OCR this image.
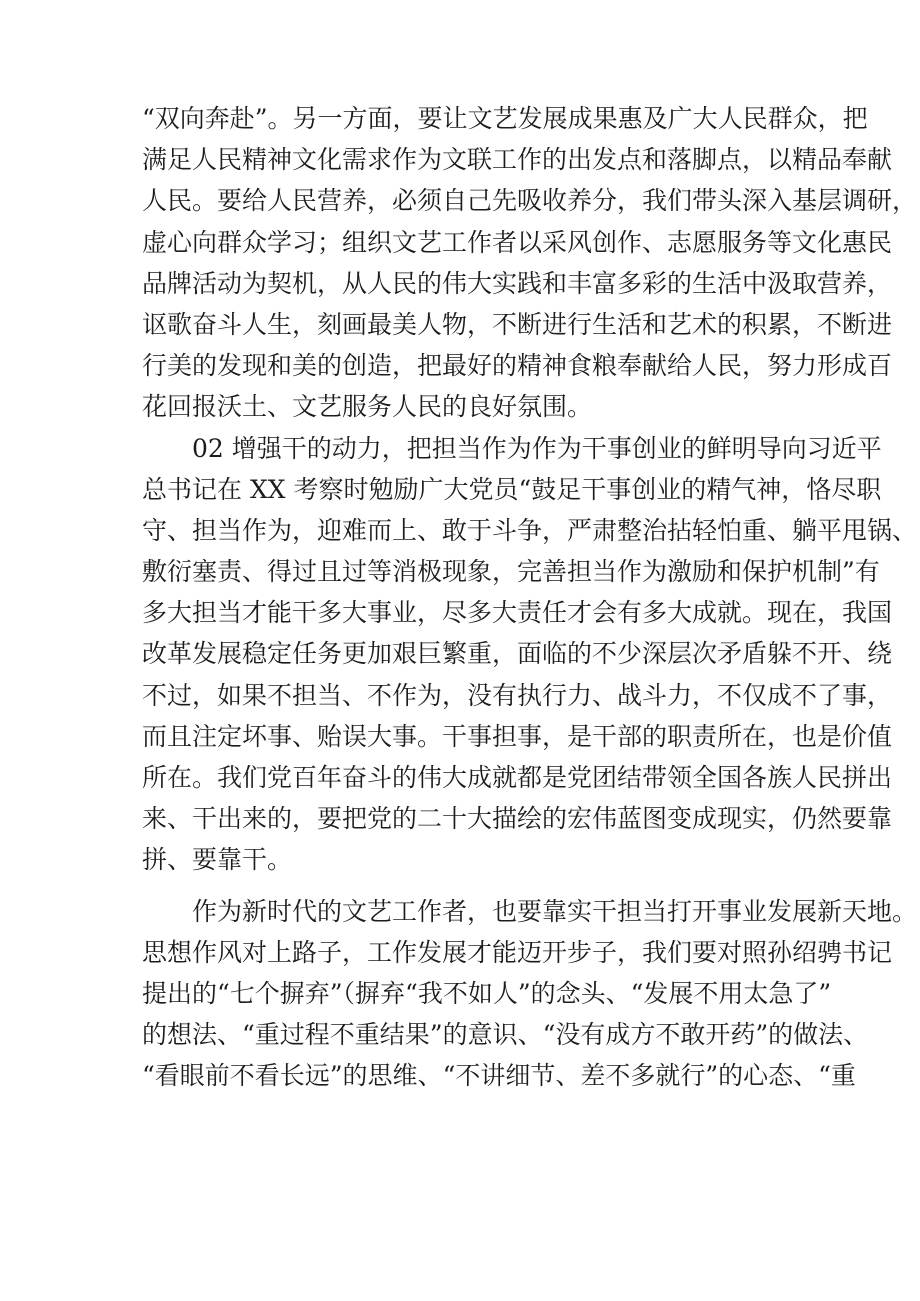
“双向奔赴”。另一方面，要让文艺发展成果惠及广大人民群众，把
满足人民精神文化需求作为文联工作的出发点和落脚点，以精品奉献
人民。要给人民营养，必须自己先吸收养分，我们带头深入基层调研，
虚心向群众学习；组织文艺工作者以采风创作、志愿服务等文化惠民
品牌活动为契机，从人民的伟大实践和丰富多彩的生活中汲取营养，
讴歌奋斗人生，刻画最美人物，不断进行生活和艺术的积累，不断进
行美的发现和美的创造，把最好的精神食粮奉献给人民，努力形成百
花回报沃土、文艺服务人民的良好氛围。
02 增强干的动力，把担当作为作为干事创业的鲜明导向习近平
总书记在 XX 考察时勉励广大党员“鼓足干事创业的精气神，恪尽职
守、担当作为，迎难而上、敢于斗争，严肃整治拈轻怕重、躺平甩锅、
敷衍塞责、得过且过等消极现象，完善担当作为激励和保护机制”有
多大担当才能干多大事业，尽多大责任才会有多大成就。现在，我国
改革发展稳定任务更加艰巨繁重，面临的不少深层次矛盾躲不开、绕
不过，如果不担当、不作为，没有执行力、战斗力，不仅成不了事，
而且注定坏事、贻误大事。干事担事，是干部的职责所在，也是价值
所在。我们党百年奋斗的伟大成就都是党团结带领全国各族人民拼出
来、干出来的，要把党的二十大描绘的宏伟蓝图变成现实，仍然要靠
拼、要靠干。
作为新时代的文艺工作者，也要靠实干担当打开事业发展新天地。
思想作风对上路子，工作发展才能迈开步子，我们要对照孙绍骋书记
提出的“七个摒弃”（摒弃“我不如人”的念头、“发展不用太急了”
的想法、“重过程不重结果”的意识、“没有成方不敢开药”的做法、
“看眼前不看长远”的思维、“不讲细节、差不多就行”的心态、“重
